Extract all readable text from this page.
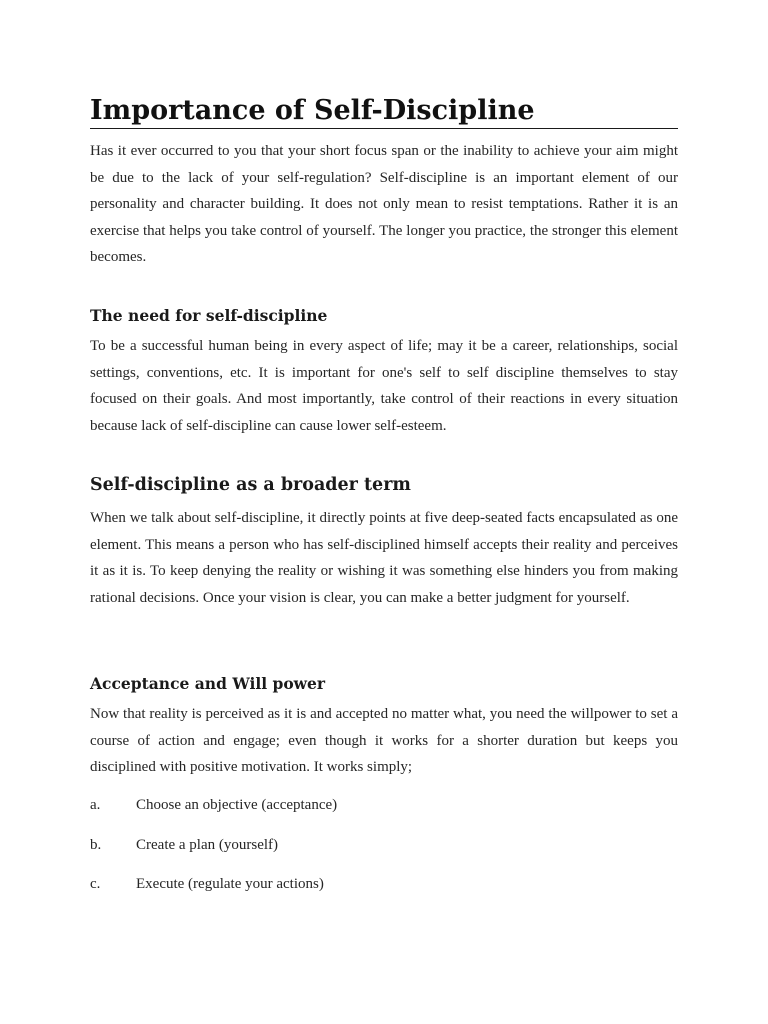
Importance of Self-Discipline

Has it ever occurred to you that your short focus span or the inability to achieve your aim might be due to the lack of your self-regulation? Self-discipline is an important element of our personality and character building. It does not only mean to resist temptations. Rather it is an exercise that helps you take control of yourself. The longer you practice, the stronger this element becomes.

The need for self-discipline

To be a successful human being in every aspect of life; may it be a career, relationships, social settings, conventions, etc. It is important for one's self to self discipline themselves to stay focused on their goals. And most importantly, take control of their reactions in every situation because lack of self-discipline can cause lower self-esteem.

Self-discipline as a broader term

When we talk about self-discipline, it directly points at five deep-seated facts encapsulated as one element. This means a person who has self-disciplined himself accepts their reality and perceives it as it is. To keep denying the reality or wishing it was something else hinders you from making rational decisions. Once your vision is clear, you can make a better judgment for yourself.

Acceptance and Will power

Now that reality is perceived as it is and accepted no matter what, you need the willpower to set a course of action and engage; even though it works for a shorter duration but keeps you disciplined with positive motivation. It works simply;

a. Choose an objective (acceptance)
b. Create a plan (yourself)
c. Execute (regulate your actions)
